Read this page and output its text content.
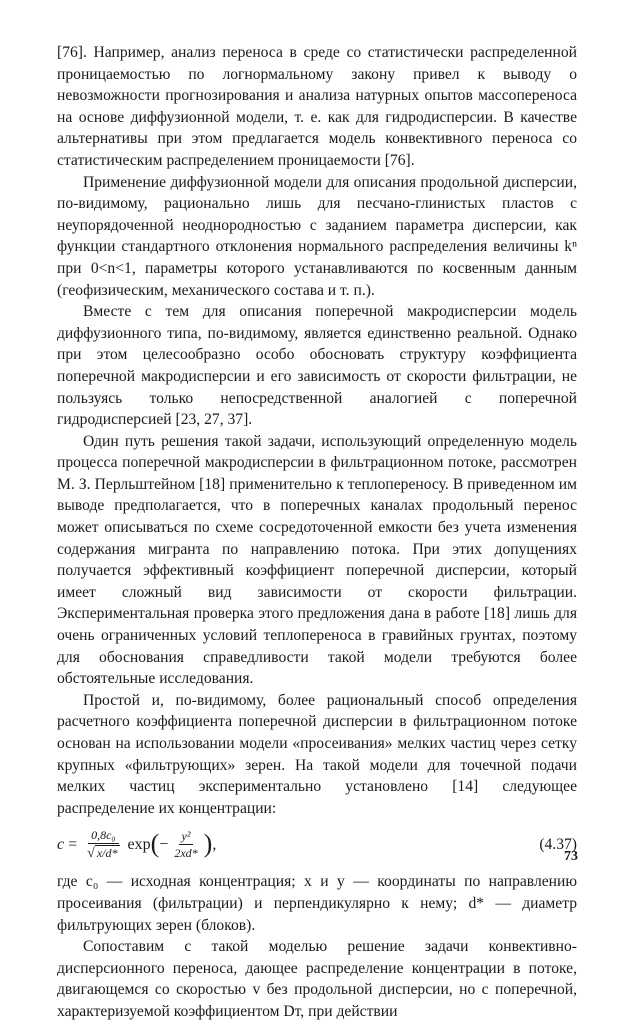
[76]. Например, анализ переноса в среде со статистически распределенной проницаемостью по логнормальному закону привел к выводу о невозможности прогнозирования и анализа натурных опытов массопереноса на основе диффузионной модели, т. е. как для гидродисперсии. В качестве альтернативы при этом предлагается модель конвективного переноса со статистическим распределением проницаемости [76].

Применение диффузионной модели для описания продольной дисперсии, по-видимому, рационально лишь для песчано-глинистых пластов с неупорядоченной неоднородностью с заданием параметра дисперсии, как функции стандартного отклонения нормального распределения величины kⁿ при 0<n<1, параметры которого устанавливаются по косвенным данным (геофизическим, механического состава и т. п.).

Вместе с тем для описания поперечной макродисперсии модель диффузионного типа, по-видимому, является единственно реальной. Однако при этом целесообразно особо обосновать структуру коэффициента поперечной макродисперсии и его зависимость от скорости фильтрации, не пользуясь только непосредственной аналогией с поперечной гидродисперсией [23, 27, 37].

Один путь решения такой задачи, использующий определенную модель процесса поперечной макродисперсии в фильтрационном потоке, рассмотрен М. З. Перльштейном [18] применительно к теплопереносу. В приведенном им выводе предполагается, что в поперечных каналах продольный перенос может описываться по схеме сосредоточенной емкости без учета изменения содержания мигранта по направлению потока. При этих допущениях получается эффективный коэффициент поперечной дисперсии, который имеет сложный вид зависимости от скорости фильтрации. Экспериментальная проверка этого предложения дана в работе [18] лишь для очень ограниченных условий теплопереноса в гравийных грунтах, поэтому для обоснования справедливости такой модели требуются более обстоятельные исследования.

Простой и, по-видимому, более рациональный способ определения расчетного коэффициента поперечной дисперсии в фильтрационном потоке основан на использовании модели «просеивания» мелких частиц через сетку крупных «фильтрующих» зерен. На такой модели для точечной подачи мелких частиц экспериментально установлено [14] следующее распределение их концентрации:

$c = \frac{\text{0,8c₀}}{√ x/d*}$ exp ( − $\frac{\text{y²}}{2xd*}$ ) ,	(4.37)

где c₀ — исходная концентрация; x и y — координаты по направлению просеивания (фильтрации) и перпендикулярно к нему; d* — диаметр фильтрующих зерен (блоков).

Сопоставим с такой моделью решение задачи конвективно-дисперсионного переноса, дающее распределение концентрации в потоке, двигающемся со скоростью v без продольной дисперсии, но с поперечной, характеризуемой коэффициентом Dт, при действии

73
